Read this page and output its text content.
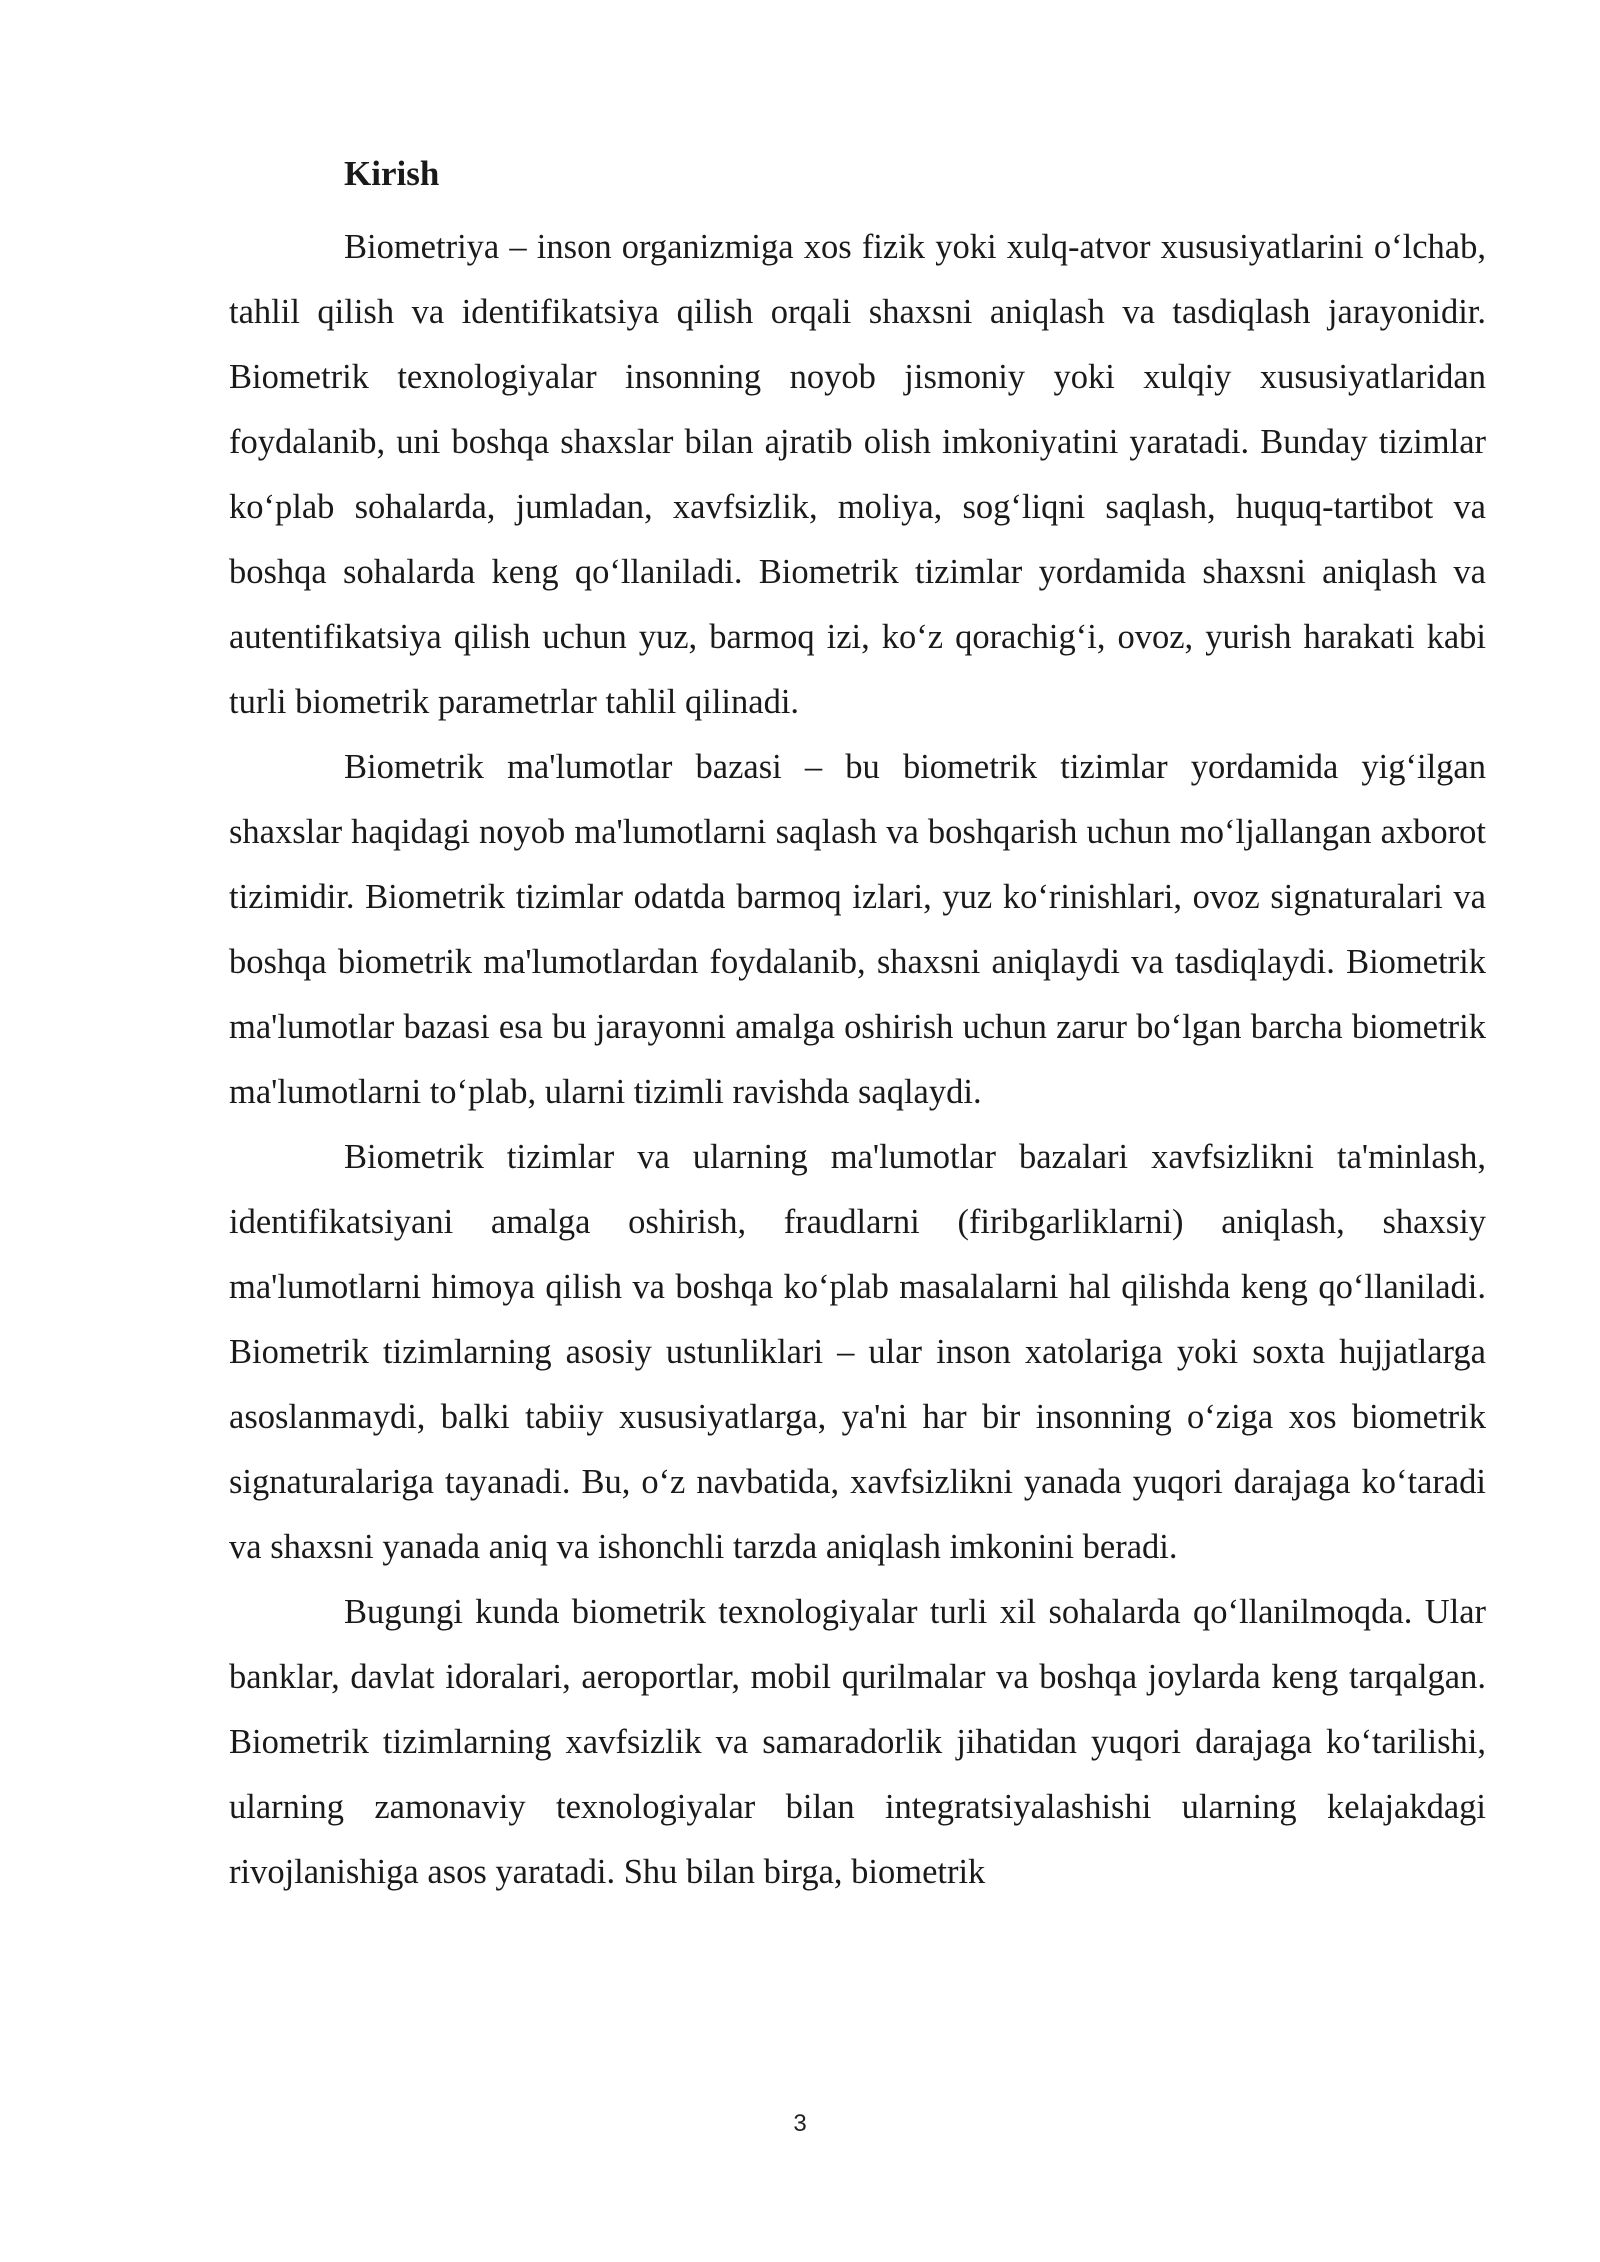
Kirish

Biometriya – inson organizmiga xos fizik yoki xulq-atvor xususiyatlarini o‘lchab, tahlil qilish va identifikatsiya qilish orqali shaxsni aniqlash va tasdiqlash jarayonidir. Biometrik texnologiyalar insonning noyob jismoniy yoki xulqiy xususiyatlaridan foydalanib, uni boshqa shaxslar bilan ajratib olish imkoniyatini yaratadi. Bunday tizimlar ko‘plab sohalarda, jumladan, xavfsizlik, moliya, sog‘liqni saqlash, huquq-tartibot va boshqa sohalarda keng qo‘llaniladi. Biometrik tizimlar yordamida shaxsni aniqlash va autentifikatsiya qilish uchun yuz, barmoq izi, ko‘z qorachig‘i, ovoz, yurish harakati kabi turli biometrik parametrlar tahlil qilinadi.

Biometrik ma'lumotlar bazasi – bu biometrik tizimlar yordamida yig‘ilgan shaxslar haqidagi noyob ma'lumotlarni saqlash va boshqarish uchun mo‘ljallangan axborot tizimidir. Biometrik tizimlar odatda barmoq izlari, yuz ko‘rinishlari, ovoz signaturalari va boshqa biometrik ma'lumotlardan foydalanib, shaxsni aniqlaydi va tasdiqlaydi. Biometrik ma'lumotlar bazasi esa bu jarayonni amalga oshirish uchun zarur bo‘lgan barcha biometrik ma'lumotlarni to‘plab, ularni tizimli ravishda saqlaydi.

Biometrik tizimlar va ularning ma'lumotlar bazalari xavfsizlikni ta'minlash, identifikatsiyani amalga oshirish, fraudlarni (firibgarliklarni) aniqlash, shaxsiy ma'lumotlarni himoya qilish va boshqa ko‘plab masalalarni hal qilishda keng qo‘llaniladi. Biometrik tizimlarning asosiy ustunliklari – ular inson xatolariga yoki soxta hujjatlarga asoslanmaydi, balki tabiiy xususiyatlarga, ya'ni har bir insonning o‘ziga xos biometrik signaturalariga tayanadi. Bu, o‘z navbatida, xavfsizlikni yanada yuqori darajaga ko‘taradi va shaxsni yanada aniq va ishonchli tarzda aniqlash imkonini beradi.

Bugungi kunda biometrik texnologiyalar turli xil sohalarda qo‘llanilmoqda. Ular banklar, davlat idoralari, aeroportlar, mobil qurilmalar va boshqa joylarda keng tarqalgan. Biometrik tizimlarning xavfsizlik va samaradorlik jihatidan yuqori darajaga ko‘tarilishi, ularning zamonaviy texnologiyalar bilan integratsiyalashishi ularning kelajakdagi rivojlanishiga asos yaratadi. Shu bilan birga, biometrik

3
